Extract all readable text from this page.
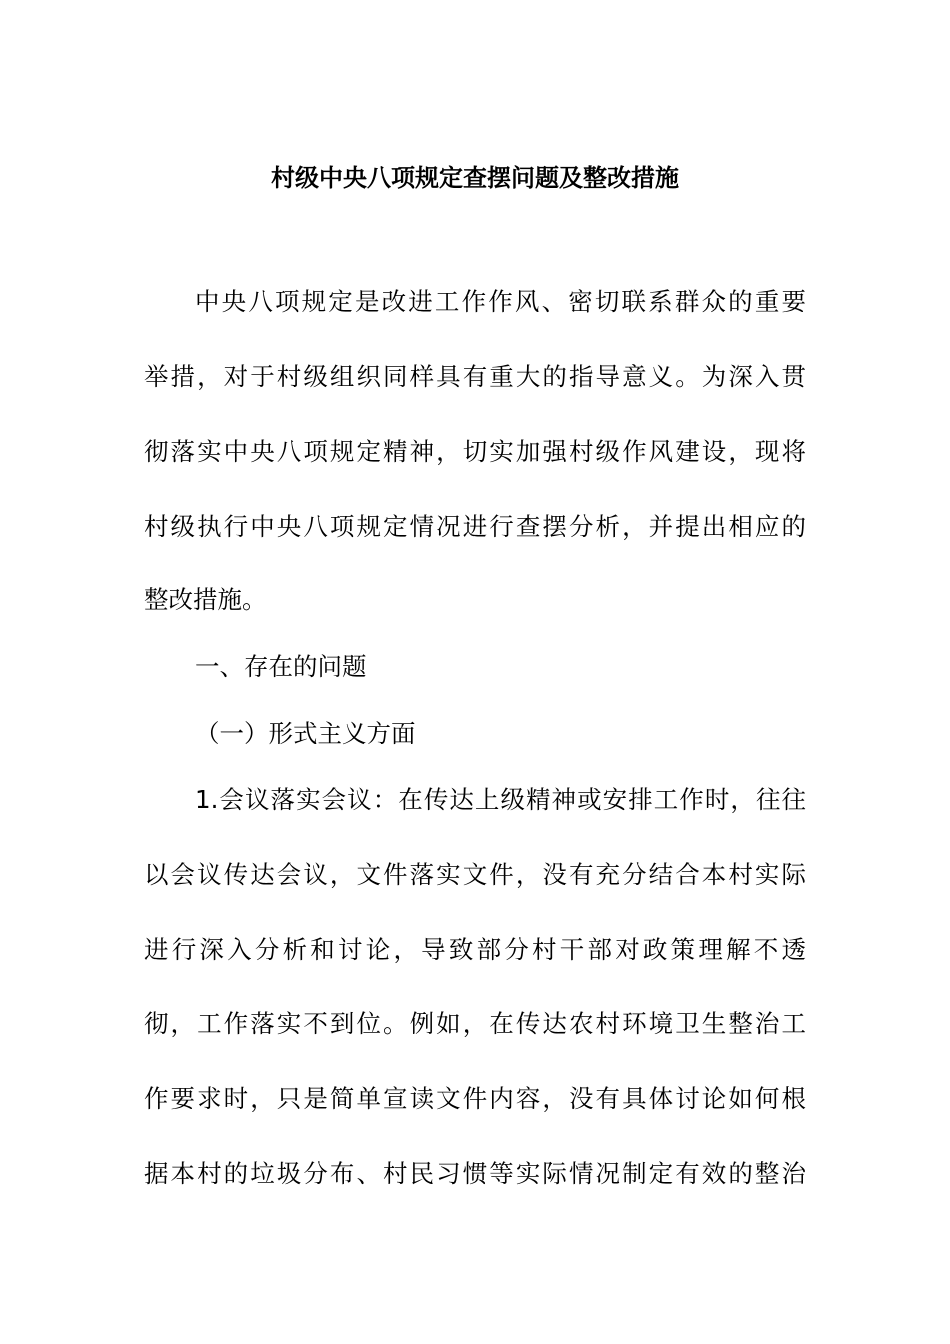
村级中央八项规定查摆问题及整改措施
中央八项规定是改进工作作风、密切联系群众的重要
举措，对于村级组织同样具有重大的指导意义。为深入贯
彻落实中央八项规定精神，切实加强村级作风建设，现将
村级执行中央八项规定情况进行查摆分析，并提出相应的
整改措施。
一、存在的问题
（一）形式主义方面
1.会议落实会议：在传达上级精神或安排工作时，往往
以会议传达会议，文件落实文件，没有充分结合本村实际
进行深入分析和讨论，导致部分村干部对政策理解不透
彻，工作落实不到位。例如，在传达农村环境卫生整治工
作要求时，只是简单宣读文件内容，没有具体讨论如何根
据本村的垃圾分布、村民习惯等实际情况制定有效的整治
